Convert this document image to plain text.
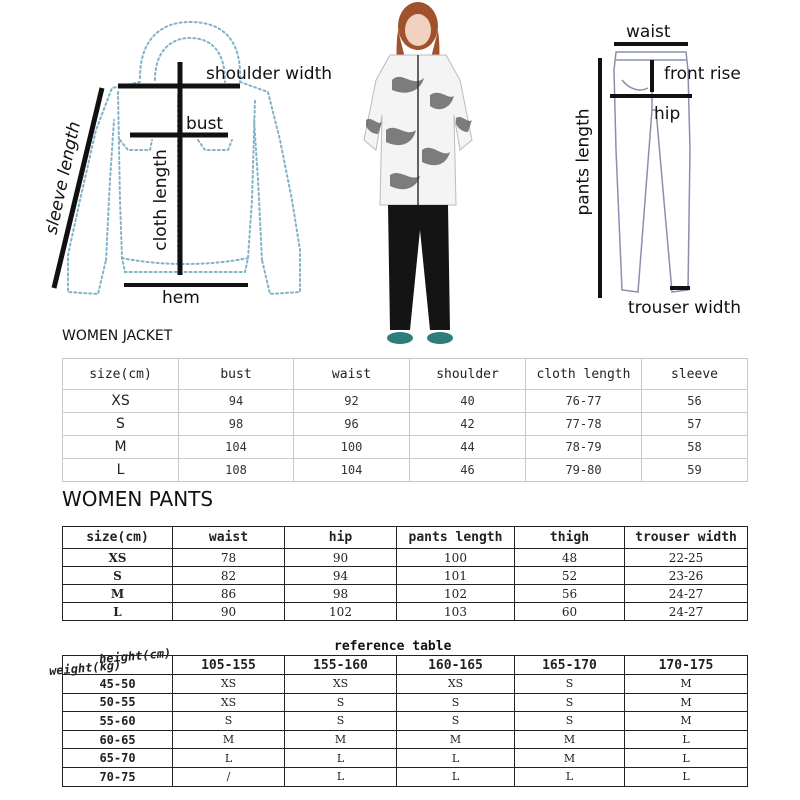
shoulder width
bust
hem
cloth length
sleeve length
waist
front rise
hip
pants length
trouser width
WOMEN JACKET
size(cm)	bust	waist	shoulder	cloth length	sleeve
XS	94	92	40	76-77	56
S	98	96	42	77-78	57
M	104	100	44	78-79	58
L	108	104	46	79-80	59
WOMEN PANTS
size(cm)	waist	hip	pants length	thigh	trouser width
XS	78	90	100	48	22-25
S	82	94	101	52	23-26
M	86	98	102	56	24-27
L	90	102	103	60	24-27
reference table
height(cm)
weight(kg)	105-155	155-160	160-165	165-170	170-175
45-50	XS	XS	XS	S	M
50-55	XS	S	S	S	M
55-60	S	S	S	S	M
60-65	M	M	M	M	L
65-70	L	L	L	M	L
70-75	/	L	L	L	L
